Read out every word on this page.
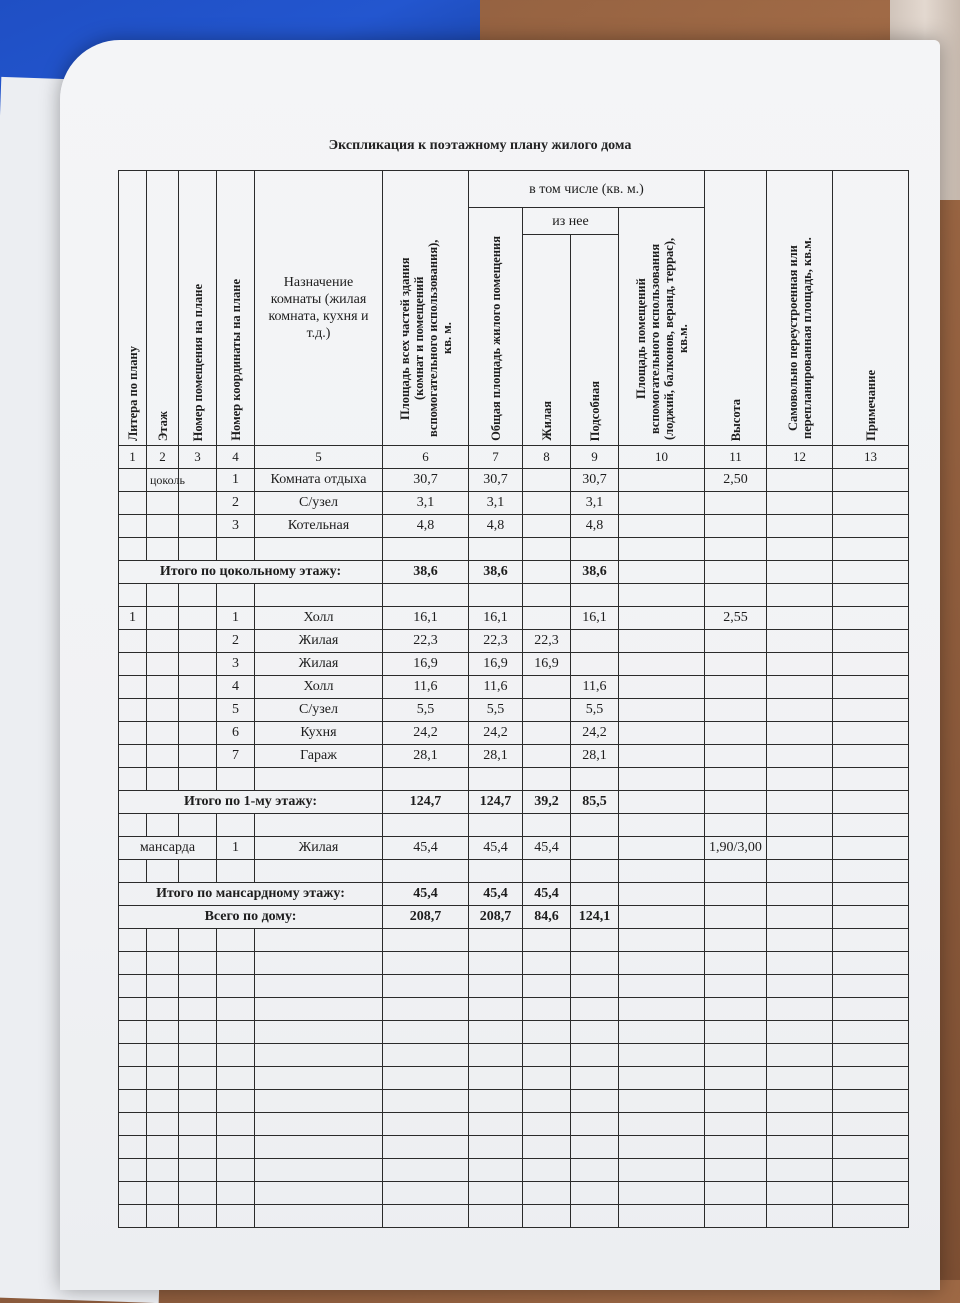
Экспликация к поэтажному плану жилого дома
Литера по плану	Этаж	Номер помещения на плане	Номер координаты на плане	Назначение комнаты (жилая комната, кухня и т.д.)	Площадь всех частей здания (комнат и помещений вспомогательного использования), кв. м.	в том числе (кв. м.)				Высота	Самовольно переустроенная или перепланированная площадь, кв.м.	Примечание

						Общая площадь жилого помещения	из нее		Площадь помещений вспомогательного использования (лоджий, балконов, веранд, террас), кв.м.			

							Жилая	Подсобная				

1	2	3	4	5	6	7	8	9	10	11	12	13
	цоколь		1	Комната отдыха	30,7	30,7		30,7		2,50		
			2	С/узел	3,1	3,1		3,1				
			3	Котельная	4,8	4,8		4,8				

Итого по цокольному этажу:					38,6	38,6		38,6				

1			1	Холл	16,1	16,1		16,1		2,55		
			2	Жилая	22,3	22,3	22,3					
			3	Жилая	16,9	16,9	16,9					
			4	Холл	11,6	11,6		11,6				
			5	С/узел	5,5	5,5		5,5				
			6	Кухня	24,2	24,2		24,2				
			7	Гараж	28,1	28,1		28,1				

Итого по 1-му этажу:					124,7	124,7	39,2	85,5				

мансарда			1	Жилая	45,4	45,4	45,4			1,90/3,00		

Итого по мансардному этажу:					45,4	45,4	45,4					
Всего по дому:					208,7	208,7	84,6	124,1				
